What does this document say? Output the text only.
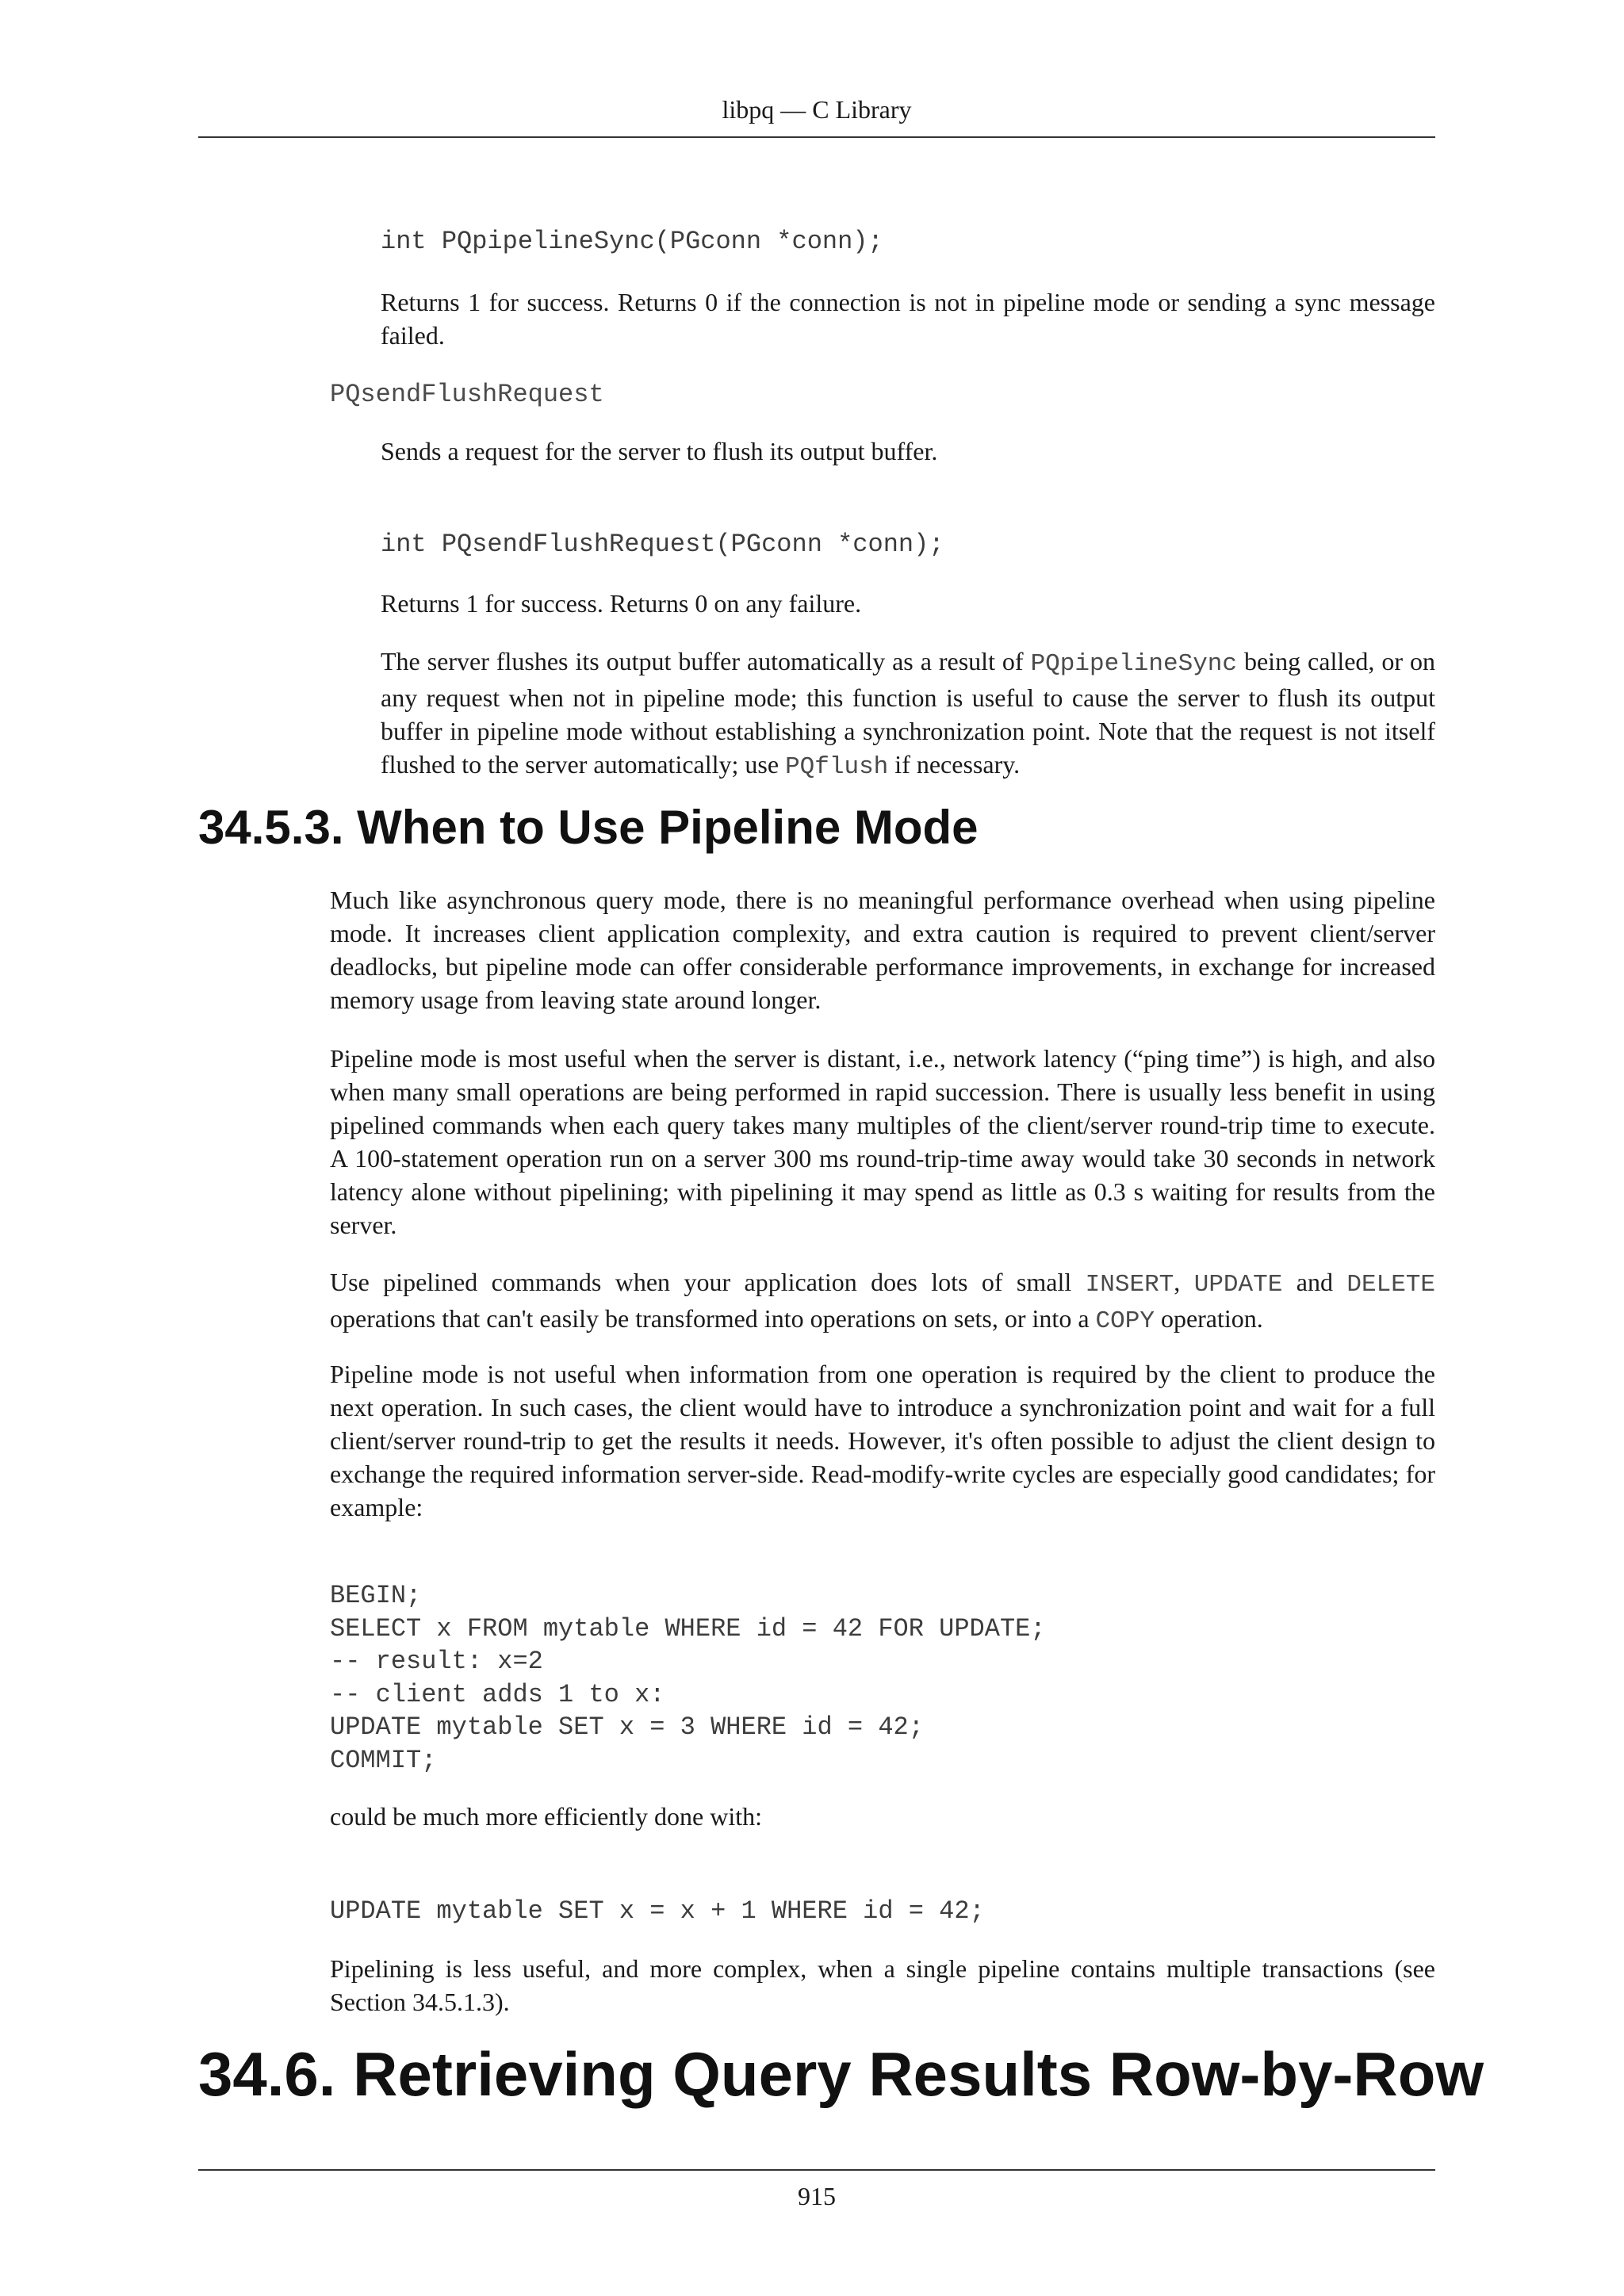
libpq — C Library
int PQpipelineSync(PGconn *conn);

Returns 1 for success. Returns 0 if the connection is not in pipeline mode or sending a sync message failed.

PQsendFlushRequest

Sends a request for the server to flush its output buffer.

int PQsendFlushRequest(PGconn *conn);

Returns 1 for success. Returns 0 on any failure.

The server flushes its output buffer automatically as a result of PQpipelineSync being called, or on any request when not in pipeline mode; this function is useful to cause the server to flush its output buffer in pipeline mode without establishing a synchronization point. Note that the request is not itself flushed to the server automatically; use PQflush if necessary.

34.5.3. When to Use Pipeline Mode

Much like asynchronous query mode, there is no meaningful performance overhead when using pipeline mode. It increases client application complexity, and extra caution is required to prevent client/server deadlocks, but pipeline mode can offer considerable performance improvements, in exchange for increased memory usage from leaving state around longer.

Pipeline mode is most useful when the server is distant, i.e., network latency (“ping time”) is high, and also when many small operations are being performed in rapid succession. There is usually less benefit in using pipelined commands when each query takes many multiples of the client/server round-trip time to execute. A 100-statement operation run on a server 300 ms round-trip-time away would take 30 seconds in network latency alone without pipelining; with pipelining it may spend as little as 0.3 s waiting for results from the server.

Use pipelined commands when your application does lots of small INSERT, UPDATE and DELETE operations that can't easily be transformed into operations on sets, or into a COPY operation.

Pipeline mode is not useful when information from one operation is required by the client to produce the next operation. In such cases, the client would have to introduce a synchronization point and wait for a full client/server round-trip to get the results it needs. However, it's often possible to adjust the client design to exchange the required information server-side. Read-modify-write cycles are especially good candidates; for example:

BEGIN;
SELECT x FROM mytable WHERE id = 42 FOR UPDATE;
-- result: x=2
-- client adds 1 to x:
UPDATE mytable SET x = 3 WHERE id = 42;
COMMIT;

could be much more efficiently done with:

UPDATE mytable SET x = x + 1 WHERE id = 42;

Pipelining is less useful, and more complex, when a single pipeline contains multiple transactions (see Section 34.5.1.3).

34.6. Retrieving Query Results Row-by-Row
915
